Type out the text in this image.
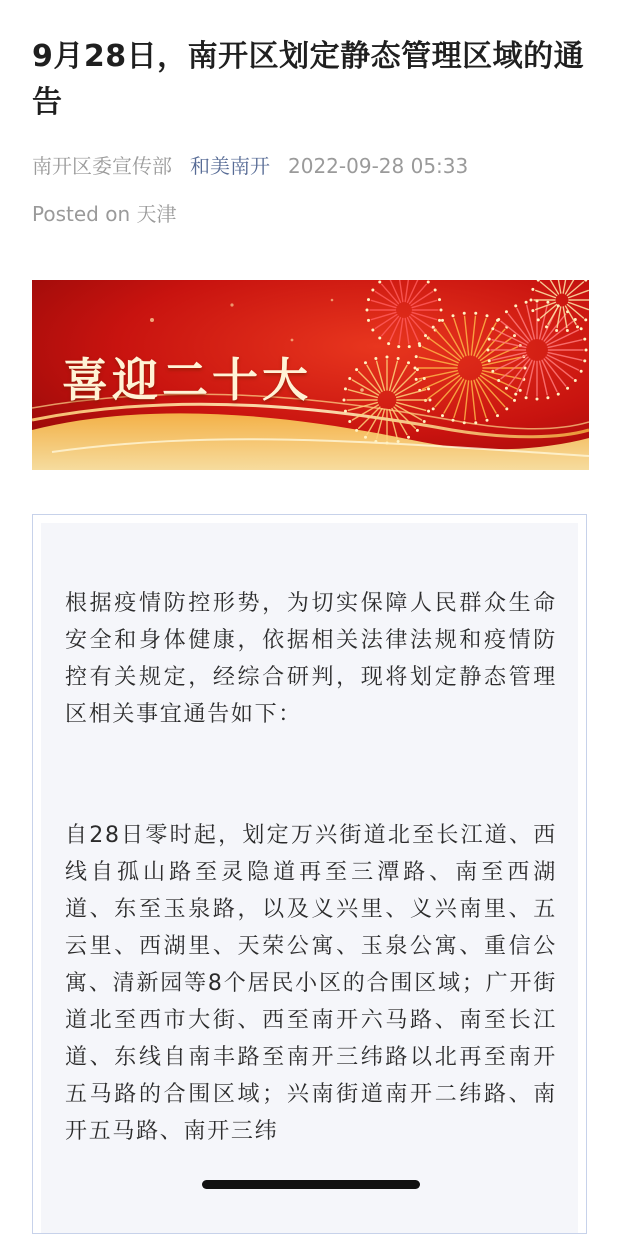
9月28日，南开区划定静态管理区域的通告
南开区委宣传部 和美南开 2022-09-28 05:33
Posted on 天津
喜迎二十大

根据疫情防控形势，为切实保障人民群众生命安全和身体健康，依据相关法律法规和疫情防控有关规定，经综合研判，现将划定静态管理区相关事宜通告如下：

自28日零时起，划定万兴街道北至长江道、西线自孤山路至灵隐道再至三潭路、南至西湖道、东至玉泉路，以及义兴里、义兴南里、五云里、西湖里、天荣公寓、玉泉公寓、重信公寓、清新园等8个居民小区的合围区域；广开街道北至西市大街、西至南开六马路、南至长江道、东线自南丰路至南开三纬路以北再至南开五马路的合围区域；兴南街道南开二纬路、南开五马路、南开三纬
